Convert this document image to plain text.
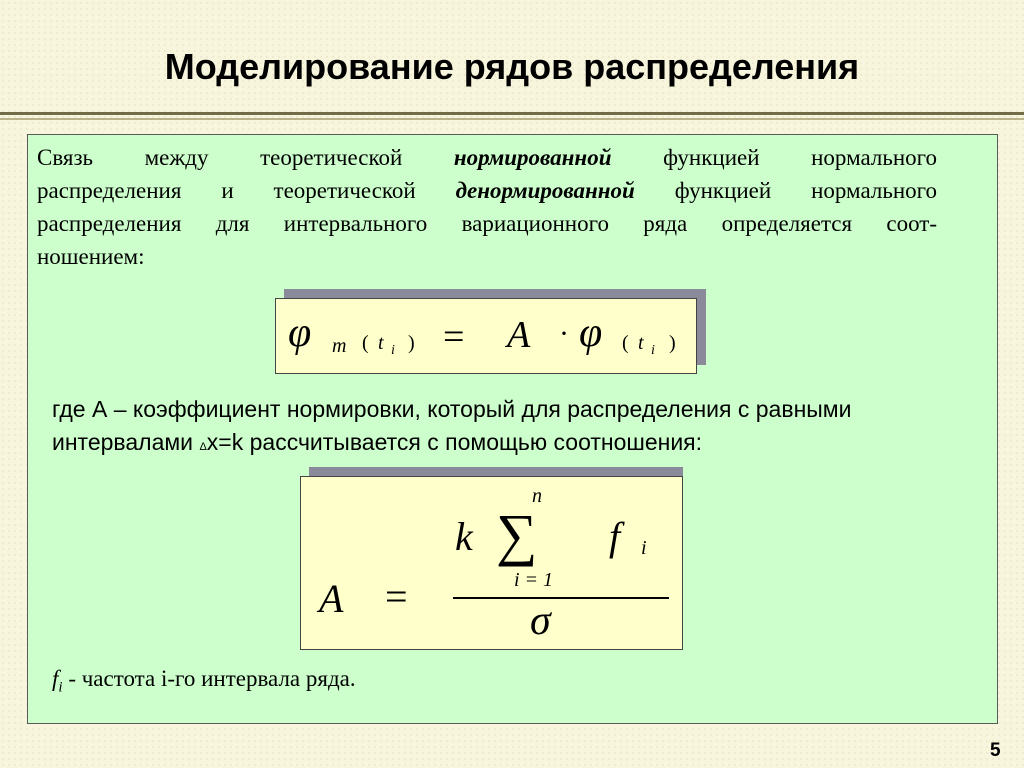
Моделирование рядов распределения
Связь между теоретической нормированной функцией нормального
распределения и теоретической денормированной функцией нормального
распределения для интервального вариационного ряда определяется соот-
ношением:
φ m ( t i ) = A · φ ( t i )
где А – коэффициент нормировки, который для распределения с равными
интервалами Δx=k рассчитывается с помощью соотношения:
A =
k ∑
n
i = 1
f i
σ
$f_i$ - частота i-го интервала ряда.
5
